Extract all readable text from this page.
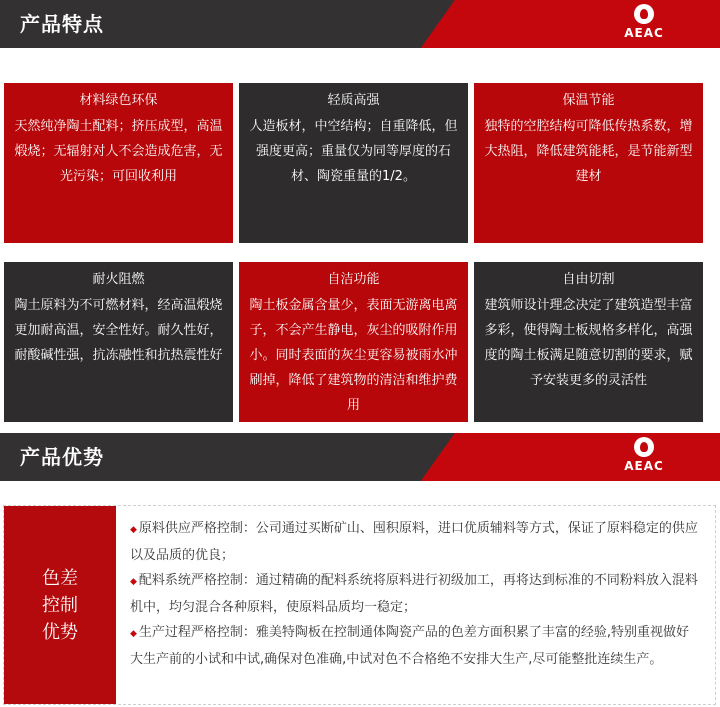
产品特点	AEAC
材料绿色环保
天然纯净陶土配料；挤压成型，高温煅烧；无辐射对人不会造成危害，无光污染；可回收利用
轻质高强
人造板材，中空结构；自重降低，但强度更高；重量仅为同等厚度的石材、陶瓷重量的1/2。
保温节能
独特的空腔结构可降低传热系数，增大热阻，降低建筑能耗，是节能新型建材
耐火阻燃
陶土原料为不可燃材料，经高温煅烧更加耐高温，安全性好。耐久性好，耐酸碱性强，抗冻融性和抗热震性好
自洁功能
陶土板金属含量少，表面无游离电离子，不会产生静电，灰尘的吸附作用小。同时表面的灰尘更容易被雨水冲刷掉，降低了建筑物的清洁和维护费用
自由切割
建筑师设计理念决定了建筑造型丰富多彩，使得陶土板规格多样化，高强度的陶土板满足随意切割的要求，赋予安装更多的灵活性
产品优势	AEAC
色差
控制
优势

◆ 原料供应严格控制：公司通过买断矿山、囤积原料，进口优质辅料等方式，保证了原料稳定的供应以及品质的优良；

◆ 配料系统严格控制：通过精确的配料系统将原料进行初级加工，再将达到标准的不同粉料放入混料机中，均匀混合各种原料，使原料品质均一稳定；

◆ 生产过程严格控制：雅美特陶板在控制通体陶瓷产品的色差方面积累了丰富的经验,特别重视做好大生产前的小试和中试,确保对色准确,中试对色不合格绝不安排大生产,尽可能整批连续生产。
